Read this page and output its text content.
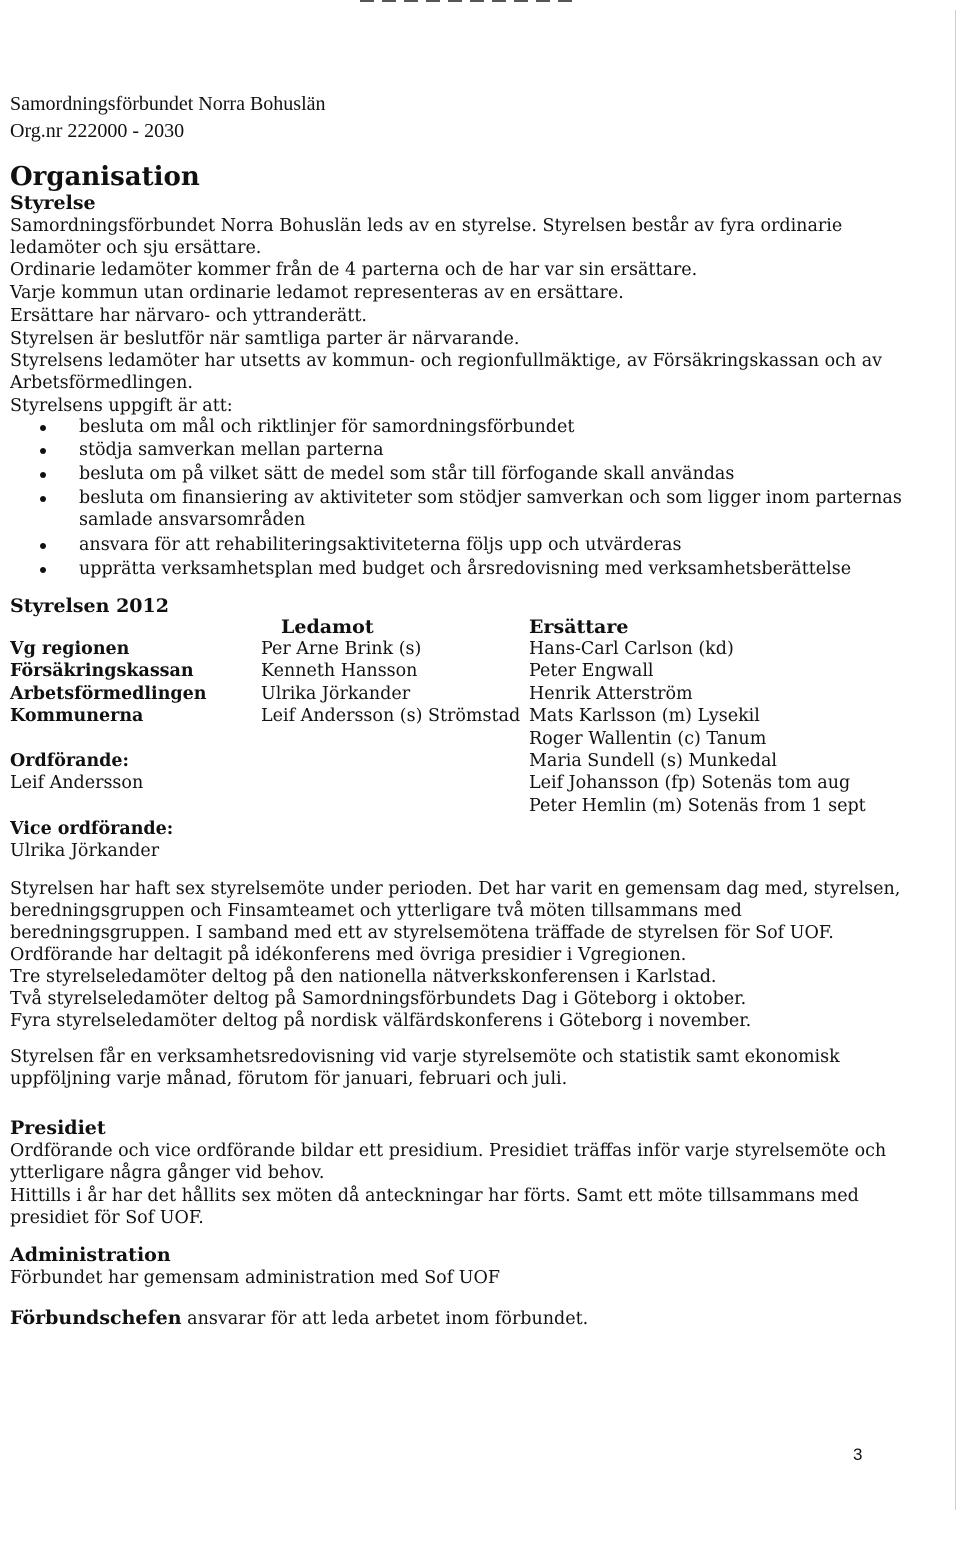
Samordningsförbundet Norra Bohuslän
Org.nr 222000 - 2030
Organisation
Styrelse
Samordningsförbundet Norra Bohuslän leds av en styrelse. Styrelsen består av fyra ordinarie
ledamöter och sju ersättare.
Ordinarie ledamöter kommer från de 4 parterna och de har var sin ersättare.
Varje kommun utan ordinarie ledamot representeras av en ersättare.
Ersättare har närvaro- och yttranderätt.
Styrelsen är beslutför när samtliga parter är närvarande.
Styrelsens ledamöter har utsetts av kommun- och regionfullmäktige, av Försäkringskassan och av
Arbetsförmedlingen.
Styrelsens uppgift är att:
besluta om mål och riktlinjer för samordningsförbundet
stödja samverkan mellan parterna
besluta om på vilket sätt de medel som står till förfogande skall användas
besluta om finansiering av aktiviteter som stödjer samverkan och som ligger inom parternas
samlade ansvarsområden
ansvara för att rehabiliteringsaktiviteterna följs upp och utvärderas
upprätta verksamhetsplan med budget och årsredovisning med verksamhetsberättelse
Styrelsen 2012
Ledamot	Ersättare
Vg regionen
Försäkringskassan
Arbetsförmedlingen
Kommunerna
Per Arne Brink (s)
Kenneth Hansson
Ulrika Jörkander
Leif Andersson (s) Strömstad
Hans-Carl Carlson (kd)
Peter Engwall
Henrik Atterström
Mats Karlsson (m) Lysekil
Roger Wallentin (c) Tanum
Maria Sundell (s) Munkedal
Leif Johansson (fp) Sotenäs tom aug
Peter Hemlin (m) Sotenäs from 1 sept
Ordförande:
Leif Andersson
Vice ordförande:
Ulrika Jörkander
Styrelsen har haft sex styrelsemöte under perioden. Det har varit en gemensam dag med, styrelsen,
beredningsgruppen och Finsamteamet och ytterligare två möten tillsammans med
beredningsgruppen. I samband med ett av styrelsemötena träffade de styrelsen för Sof UOF.
Ordförande har deltagit på idékonferens med övriga presidier i Vgregionen.
Tre styrelseledamöter deltog på den nationella nätverkskonferensen i Karlstad.
Två styrelseledamöter deltog på Samordningsförbundets Dag i Göteborg i oktober.
Fyra styrelseledamöter deltog på nordisk välfärdskonferens i Göteborg i november.
Styrelsen får en verksamhetsredovisning vid varje styrelsemöte och statistik samt ekonomisk
uppföljning varje månad, förutom för januari, februari och juli.
Presidiet
Ordförande och vice ordförande bildar ett presidium. Presidiet träffas inför varje styrelsemöte och
ytterligare några gånger vid behov.
Hittills i år har det hållits sex möten då anteckningar har förts. Samt ett möte tillsammans med
presidiet för Sof UOF.
Administration
Förbundet har gemensam administration med Sof UOF
Förbundschefen ansvarar för att leda arbetet inom förbundet.
3
